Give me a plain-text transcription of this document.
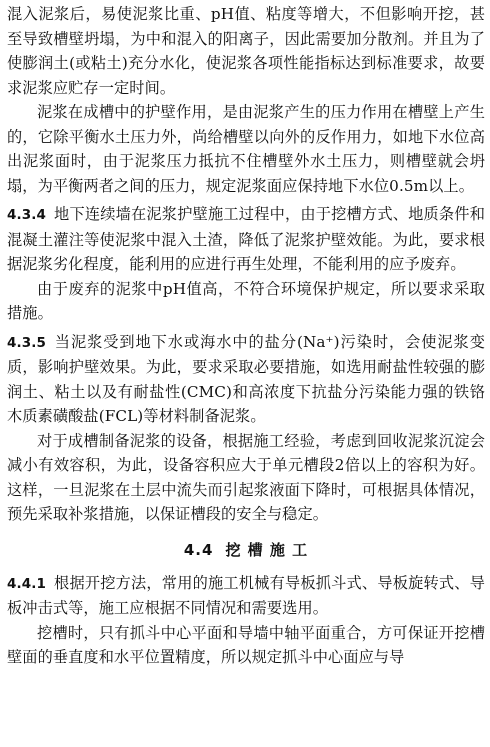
混入泥浆后，易使泥浆比重、pH值、粘度等增大，不但影响开挖，甚至导致槽壁坍塌，为中和混入的阳离子，因此需要加分散剂。并且为了使膨润土(或粘土)充分水化，使泥浆各项性能指标达到标准要求，故要求泥浆应贮存一定时间。

泥浆在成槽中的护壁作用，是由泥浆产生的压力作用在槽壁上产生的，它除平衡水土压力外，尚给槽壁以向外的反作用力，如地下水位高出泥浆面时，由于泥浆压力抵抗不住槽壁外水土压力，则槽壁就会坍塌，为平衡两者之间的压力，规定泥浆面应保持地下水位0.5m以上。

4.3.4 地下连续墙在泥浆护壁施工过程中，由于挖槽方式、地质条件和混凝土灌注等使泥浆中混入土渣，降低了泥浆护壁效能。为此，要求根据泥浆劣化程度，能利用的应进行再生处理，不能利用的应予废弃。

由于废弃的泥浆中pH值高，不符合环境保护规定，所以要求采取措施。

4.3.5 当泥浆受到地下水或海水中的盐分(Na⁺)污染时，会使泥浆变质，影响护壁效果。为此，要求采取必要措施，如选用耐盐性较强的膨润土、粘土以及有耐盐性(CMC)和高浓度下抗盐分污染能力强的铁铬木质素磺酸盐(FCL)等材料制备泥浆。

对于成槽制备泥浆的设备，根据施工经验，考虑到回收泥浆沉淀会减小有效容积，为此，设备容积应大于单元槽段2倍以上的容积为好。这样，一旦泥浆在土层中流失而引起浆液面下降时，可根据具体情况，预先采取补浆措施，以保证槽段的安全与稳定。

4.4 挖 槽 施 工

4.4.1 根据开挖方法，常用的施工机械有导板抓斗式、导板旋转式、导板冲击式等，施工应根据不同情况和需要选用。

挖槽时，只有抓斗中心平面和导墙中轴平面重合，方可保证开挖槽壁面的垂直度和水平位置精度，所以规定抓斗中心面应与导
